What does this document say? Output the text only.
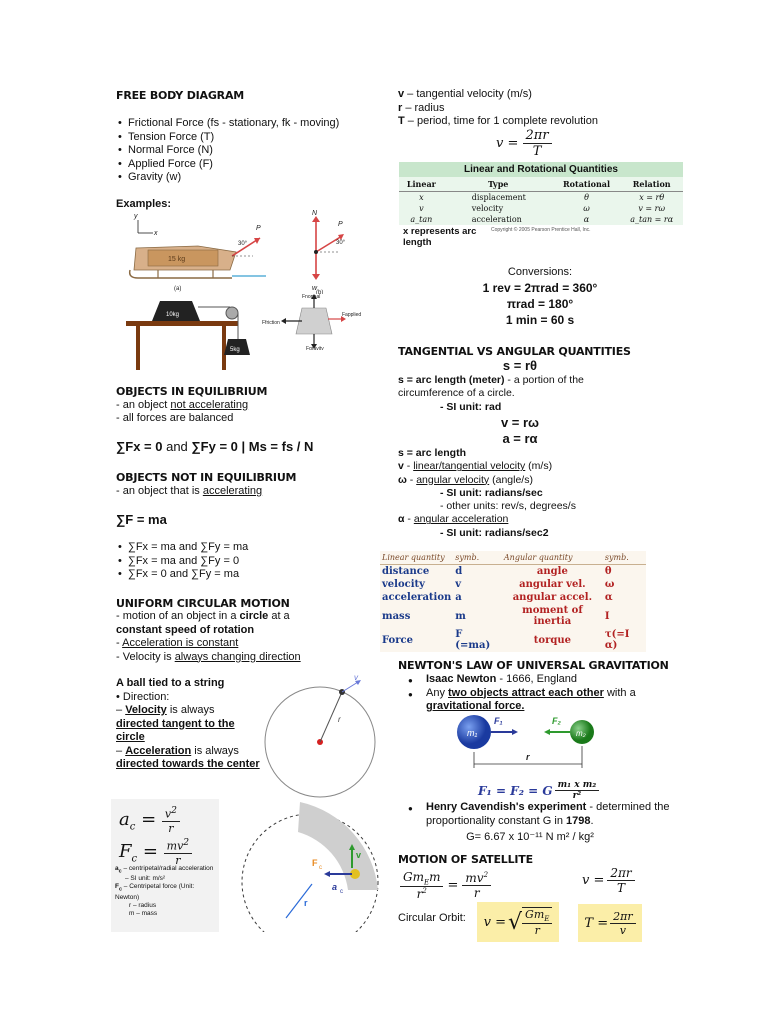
FREE BODY DIAGRAM
• Frictional Force (fs - stationary, fk - moving)
• Tension Force (T)
• Normal Force (N)
• Applied Force (F)
• Gravity (w)
Examples:
y
x
15 kg
P
30°
(a)
N
P
w
30°
(b)
10kg
5kg
Fnormal
Ffriction
Fapplied
Fgravity
OBJECTS IN EQUILIBRIUM
- an object not accelerating
- all forces are balanced
∑Fx = 0 and ∑Fy = 0 | Ms = fs / N
OBJECTS NOT IN EQUILIBRIUM
- an object that is accelerating
∑F = ma
• ∑Fx = ma and ∑Fy = ma
• ∑Fx = ma and ∑Fy = 0
• ∑Fx = 0 and ∑Fy = ma
UNIFORM CIRCULAR MOTION
- motion of an object in a circle at a
constant speed of rotation
- Acceleration is constant
- Velocity is always changing direction
A ball tied to a string
• Direction:
– Velocity is always
directed tangent to the circle
– Acceleration is always
directed towards the center
v
r
$a_c = \frac{v^2}{r}$
$F_c = \frac{mv^2}{r}$
$a_c$ – centripetal/radial acceleration
– SI unit: m/s²
$F_c$ – Centripetal force (Unit: Newton)
r – radius
m – mass
v
a c
F c
r
v – tangential velocity (m/s)
r – radius
T – period, time for 1 complete revolution
$v = \frac{2\pi r}{T}$
Linear and Rotational Quantities
Linear	Type	Rotational	Relation
x	displacement	θ	x = rθ
v	velocity	ω	v = rω
a_tan	acceleration	α	a_tan = rα
x represents arc length
Copyright © 2005 Pearson Prentice Hall, Inc.
Conversions:
1 rev = 2πrad = 360°
πrad = 180°
1 min = 60 s
TANGENTIAL VS ANGULAR QUANTITIES
s = rθ
s = arc length (meter) - a portion of the circumference of a circle.
- SI unit: rad
v = rω
a = rα
s = arc length
v - linear/tangential velocity (m/s)
ω - angular velocity (angle/s)
- SI unit: radians/sec
- other units: rev/s, degrees/s
α - angular acceleration
- SI unit: radians/sec2
Linear quantity	symb.	Angular quantity	symb.
distance	d	angle	θ
velocity	v	angular vel.	ω
acceleration	a	angular accel.	α
mass	m	moment of inertia	I
Force	F (=ma)	torque	τ(=I α)
NEWTON'S LAW OF UNIVERSAL GRAVITATION
● Isaac Newton - 1666, England
● Any two objects attract each other with a gravitational force.
m₁	m₂
F₁	F₂
r
F₁ = F₂ = G $\frac{\text{m₁ x m₂}}{\text{r²}}$
● Henry Cavendish's experiment - determined the proportionality constant G in 1798.
G= 6.67 x 10⁻¹¹ N m² / kg²
MOTION OF SATELLITE
$\frac{Gm_Em}{r^2} = \frac{mv^2}{r}$	$v = \frac{2\pi r}{T}$
Circular Orbit:	v = √ $\frac{Gm_E}{r}$	$T = \frac{2\pi r}{v}$
